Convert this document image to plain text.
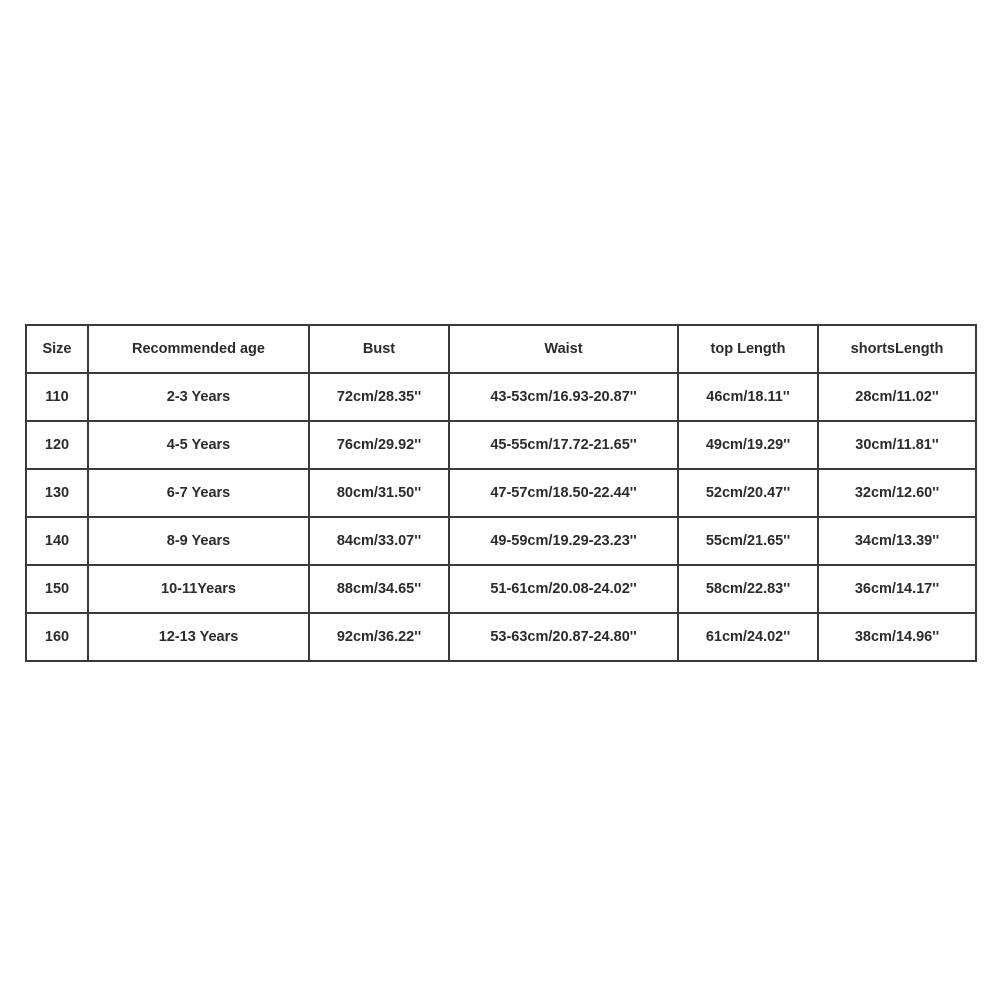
Size	Recommended age	Bust	Waist	top Length	shortsLength
110	2-3 Years	72cm/28.35''	43-53cm/16.93-20.87''	46cm/18.11''	28cm/11.02''
120	4-5 Years	76cm/29.92''	45-55cm/17.72-21.65''	49cm/19.29''	30cm/11.81''
130	6-7 Years	80cm/31.50''	47-57cm/18.50-22.44''	52cm/20.47''	32cm/12.60''
140	8-9 Years	84cm/33.07''	49-59cm/19.29-23.23''	55cm/21.65''	34cm/13.39''
150	10-11Years	88cm/34.65''	51-61cm/20.08-24.02''	58cm/22.83''	36cm/14.17''
160	12-13 Years	92cm/36.22''	53-63cm/20.87-24.80''	61cm/24.02''	38cm/14.96''
